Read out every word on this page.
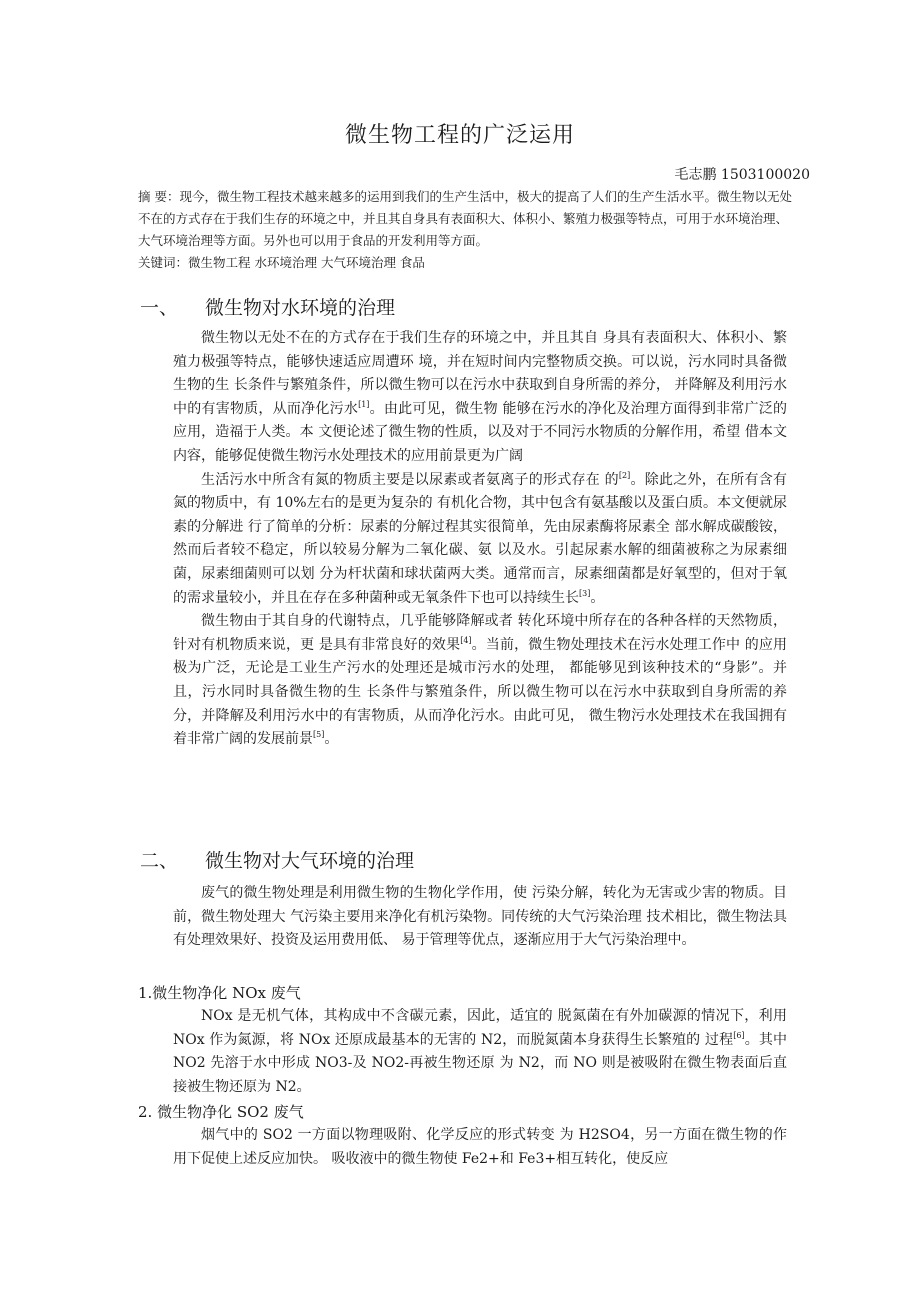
微生物工程的广泛运用
毛志鹏 1503100020

摘 要：现今，微生物工程技术越来越多的运用到我们的生产生活中，极大的提高了人们的生产生活水平。微生物以无处不在的方式存在于我们生存的环境之中，并且其自身具有表面积大、体积小、繁殖力极强等特点，可用于水环境治理、大气环境治理等方面。另外也可以用于食品的开发利用等方面。

关键词：微生物工程 水环境治理 大气环境治理 食品

一、 微生物对水环境的治理

微生物以无处不在的方式存在于我们生存的环境之中，并且其自 身具有表面积大、体积小、繁殖力极强等特点，能够快速适应周遭环 境，并在短时间内完整物质交换。可以说，污水同时具备微生物的生 长条件与繁殖条件，所以微生物可以在污水中获取到自身所需的养分， 并降解及利用污水中的有害物质，从而净化污水[1]。由此可见，微生物 能够在污水的净化及治理方面得到非常广泛的应用，造福于人类。本 文便论述了微生物的性质，以及对于不同污水物质的分解作用，希望 借本文内容，能够促使微生物污水处理技术的应用前景更为广阔

生活污水中所含有氮的物质主要是以尿素或者氨离子的形式存在 的[2]。除此之外，在所有含有氮的物质中，有 10%左右的是更为复杂的 有机化合物，其中包含有氨基酸以及蛋白质。本文便就尿素的分解进 行了简单的分析：尿素的分解过程其实很简单，先由尿素酶将尿素全 部水解成碳酸铵，然而后者较不稳定，所以较易分解为二氧化碳、氨 以及水。引起尿素水解的细菌被称之为尿素细菌，尿素细菌则可以划 分为杆状菌和球状菌两大类。通常而言，尿素细菌都是好氧型的，但对于氧的需求量较小，并且在存在多种菌种或无氧条件下也可以持续生长[3]。

微生物由于其自身的代谢特点，几乎能够降解或者 转化环境中所存在的各种各样的天然物质，针对有机物质来说，更 是具有非常良好的效果[4]。当前，微生物处理技术在污水处理工作中 的应用极为广泛，无论是工业生产污水的处理还是城市污水的处理， 都能够见到该种技术的“身影”。并且，污水同时具备微生物的生 长条件与繁殖条件，所以微生物可以在污水中获取到自身所需的养 分，并降解及利用污水中的有害物质，从而净化污水。由此可见， 微生物污水处理技术在我国拥有着非常广阔的发展前景[5]。

二、 微生物对大气环境的治理

废气的微生物处理是利用微生物的生物化学作用，使 污染分解，转化为无害或少害的物质。目前，微生物处理大 气污染主要用来净化有机污染物。同传统的大气污染治理 技术相比，微生物法具有处理效果好、投资及运用费用低、 易于管理等优点，逐渐应用于大气污染治理中。

1.微生物净化 NOx 废气

NOx 是无机气体，其构成中不含碳元素，因此，适宜的 脱氮菌在有外加碳源的情况下，利用 NOx 作为氮源，将 NOx 还原成最基本的无害的 N2，而脱氮菌本身获得生长繁殖的 过程[6]。其中 NO2 先溶于水中形成 NO3-及 NO2-再被生物还原 为 N2，而 NO 则是被吸附在微生物表面后直接被生物还原为 N2。

2. 微生物净化 SO2 废气

烟气中的 SO2 一方面以物理吸附、化学反应的形式转变 为 H2SO4，另一方面在微生物的作用下促使上述反应加快。 吸收液中的微生物使 Fe2+和 Fe3+相互转化，使反应
